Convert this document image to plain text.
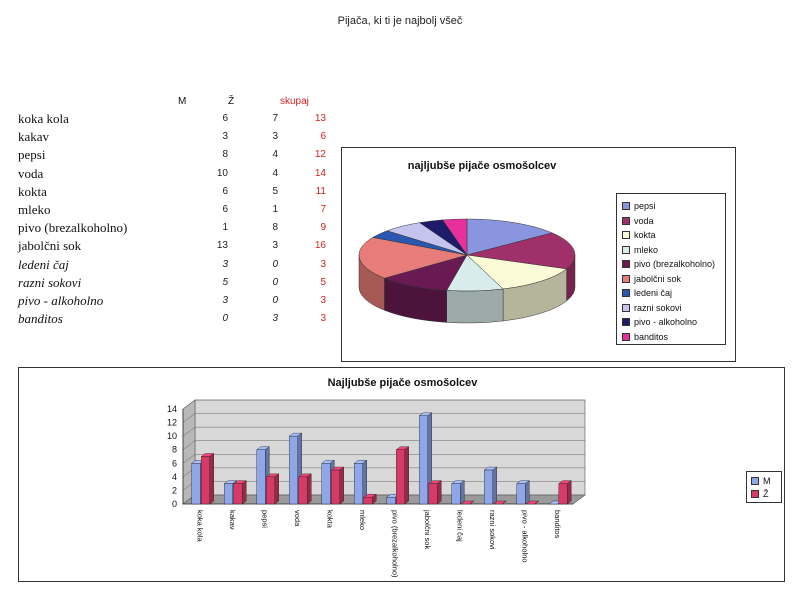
Pijača, ki ti je najbolj všeč
M	Ž	skupaj
koka kola	6	7	13
kakav	3	3	6
pepsi	8	4	12
voda	10	4	14
kokta	6	5	11
mleko	6	1	7
pivo (brezalkoholno)	1	8	9
jabolčni sok	13	3	16
ledeni čaj	3	0	3
razni sokovi	5	0	5
pivo - alkoholno	3	0	3
banditos	0	3	3
najljubše pijače osmošolcev
pepsi
voda
kokta
mleko
pivo (brezalkoholno)
jabolčni sok
ledeni čaj
razni sokovi
pivo - alkoholno
banditos
Najljubše pijače osmošolcev
0
2
4
6
8
10
12
14
koka kola	kakav	pepsi	voda	kokta	mleko	pivo (brezalkoholno)	jabolčni sok	ledeni čaj	razni sokovi	pivo - alkoholno	banditos
M
Ž
